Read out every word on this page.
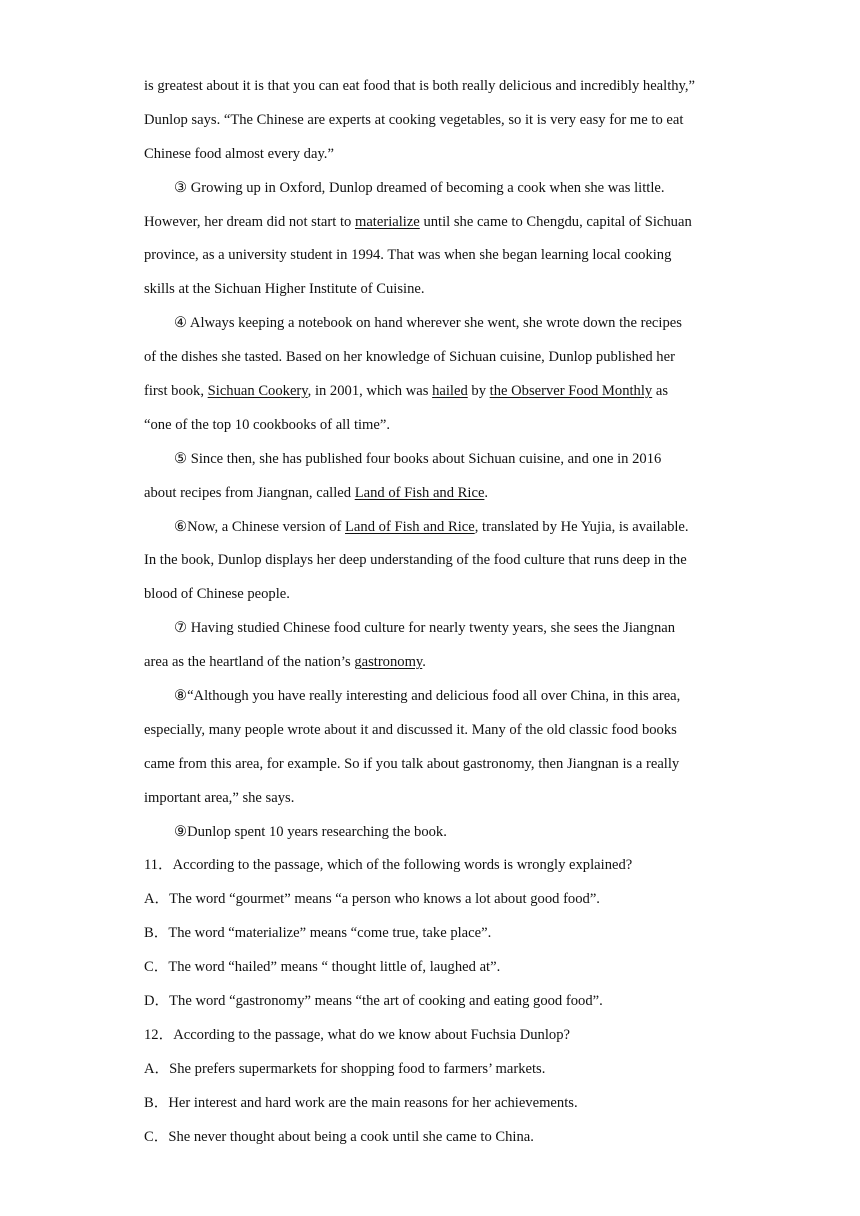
is greatest about it is that you can eat food that is both really delicious and incredibly healthy,”
Dunlop says. “The Chinese are experts at cooking vegetables, so it is very easy for me to eat
Chinese food almost every day.”
③ Growing up in Oxford, Dunlop dreamed of becoming a cook when she was little.
However, her dream did not start to materialize until she came to Chengdu, capital of Sichuan
province, as a university student in 1994. That was when she began learning local cooking
skills at the Sichuan Higher Institute of Cuisine.
④ Always keeping a notebook on hand wherever she went, she wrote down the recipes
of the dishes she tasted. Based on her knowledge of Sichuan cuisine, Dunlop published her
first book, Sichuan Cookery, in 2001, which was hailed by the Observer Food Monthly as
“one of the top 10 cookbooks of all time”.
⑤ Since then, she has published four books about Sichuan cuisine, and one in 2016
about recipes from Jiangnan, called Land of Fish and Rice.
⑥Now, a Chinese version of Land of Fish and Rice, translated by He Yujia, is available.
In the book, Dunlop displays her deep understanding of the food culture that runs deep in the
blood of Chinese people.
⑦ Having studied Chinese food culture for nearly twenty years, she sees the Jiangnan
area as the heartland of the nation’s gastronomy.
⑧“Although you have really interesting and delicious food all over China, in this area,
especially, many people wrote about it and discussed it. Many of the old classic food books
came from this area, for example. So if you talk about gastronomy, then Jiangnan is a really
important area,” she says.
⑨Dunlop spent 10 years researching the book.
11．According to the passage, which of the following words is wrongly explained?
A．The word “gourmet” means “a person who knows a lot about good food”.
B．The word “materialize” means “come true, take place”.
C．The word “hailed” means “ thought little of, laughed at”.
D．The word “gastronomy” means “the art of cooking and eating good food”.
12．According to the passage, what do we know about Fuchsia Dunlop?
A．She prefers supermarkets for shopping food to farmers’ markets.
B．Her interest and hard work are the main reasons for her achievements.
C．She never thought about being a cook until she came to China.
